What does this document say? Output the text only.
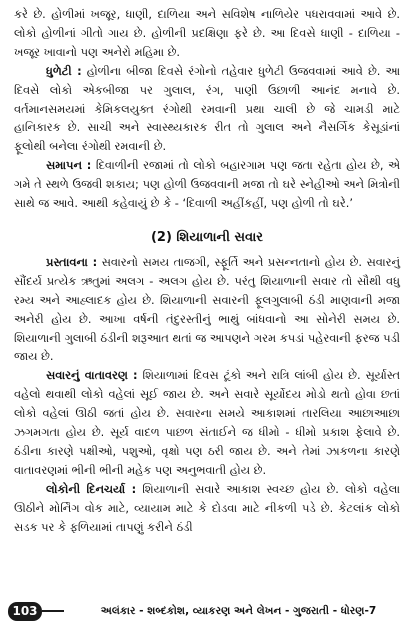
કરે છે. હોળીમાં ખજૂર, ધાણી, દાળિયા અને સવિશેષ નાળિયેર પધરાવવામાં આવે છે. લોકો હોળીનાં ગીતો ગાય છે. હોળીની પ્રદક્ષિણા ફરે છે. આ દિવસે ધાણી - દાળિયા - ખજૂર ખાવાનો પણ અનેરો મહિમા છે.

ધુળેટી : હોળીના બીજા દિવસે રંગોનો તહેવાર ધુળેટી ઉજવવામાં આવે છે. આ દિવસે લોકો એકબીજા પર ગુલાલ, રંગ, પાણી ઉછાળી આનંદ મનાવે છે. વર્તમાનસમયમાં કેમિકલયુક્ત રંગોથી રમવાની પ્રથા ચાલી છે જે ચામડી માટે હાનિકારક છે. સાચી અને સ્વાસ્થ્યકારક રીત તો ગુલાલ અને નૈસર્ગિક કેસૂડાંનાં ફૂલોથી બનેલા રંગોથી રમવાની છે.

સમાપન : દિવાળીની રજામાં તો લોકો બહારગામ પણ જતા રહેતા હોય છે, એ ગમે તે સ્થળે ઉજવી શકાય; પણ હોળી ઉજવવાની મજા તો ઘરે સ્નેહીઓ અને મિત્રોની સાથે જ આવે. આથી કહેવાયું છે કે - ‘દિવાળી અહીંકહીં, પણ હોળી તો ઘરે.’

(2) શિયાળાની સવાર

પ્રસ્તાવના : સવારનો સમય તાજગી, સ્ફૂર્તિ અને પ્રસન્નતાનો હોય છે. સવારનું સૌંદર્ય પ્રત્યેક ઋતુમાં અલગ - અલગ હોય છે. પરંતુ શિયાળાની સવાર તો સૌથી વધુ રમ્ય અને આહ્લાદક હોય છે. શિયાળાની સવારની ફૂલગુલાબી ઠંડી માણવાની મજા અનેરી હોય છે. આખા વર્ષની તંદુરસ્તીનું ભાથું બાંધવાનો આ સોનેરી સમય છે. શિયાળાની ગુલાબી ઠંડીની શરૂઆત થતાં જ આપણને ગરમ કપડાં પહેરવાની ફરજ પડી જાય છે.

સવારનું વાતાવરણ : શિયાળામાં દિવસ ટૂંકો અને રાત્રિ લાંબી હોય છે. સૂર્યાસ્ત વહેલો થવાથી લોકો વહેલાં સૂઈ જાય છે. અને સવારે સૂર્યોદય મોડો થતો હોવા છતાં લોકો વહેલાં ઊઠી જતાં હોય છે. સવારના સમયે આકાશમાં તારલિયા આછાઆછા ઝગમગતા હોય છે. સૂર્ય વાદળ પાછળ સંતાઈને જ ધીમો - ધીમો પ્રકાશ ફેલાવે છે. ઠંડીના કારણે પક્ષીઓ, પશુઓ, વૃક્ષો પણ ઠરી જાય છે. અને તેમાં ઝાકળના કારણે વાતાવરણમાં ભીની ભીની મહેક પણ અનુભવાતી હોય છે.

લોકોની દિનચર્યા : શિયાળાની સવારે આકાશ સ્વચ્છ હોય છે. લોકો વહેલા ઊઠીને મોર્નિંગ વોક માટે, વ્યાયામ માટે કે દોડવા માટે નીકળી પડે છે. કેટલાંક લોકો સડક પર કે ફળિયામાં તાપણું કરીને ઠંડી

103	અલંકાર - શબ્દકોશ, વ્યાકરણ અને લેખન - ગુજરાતી - ધોરણ-7
